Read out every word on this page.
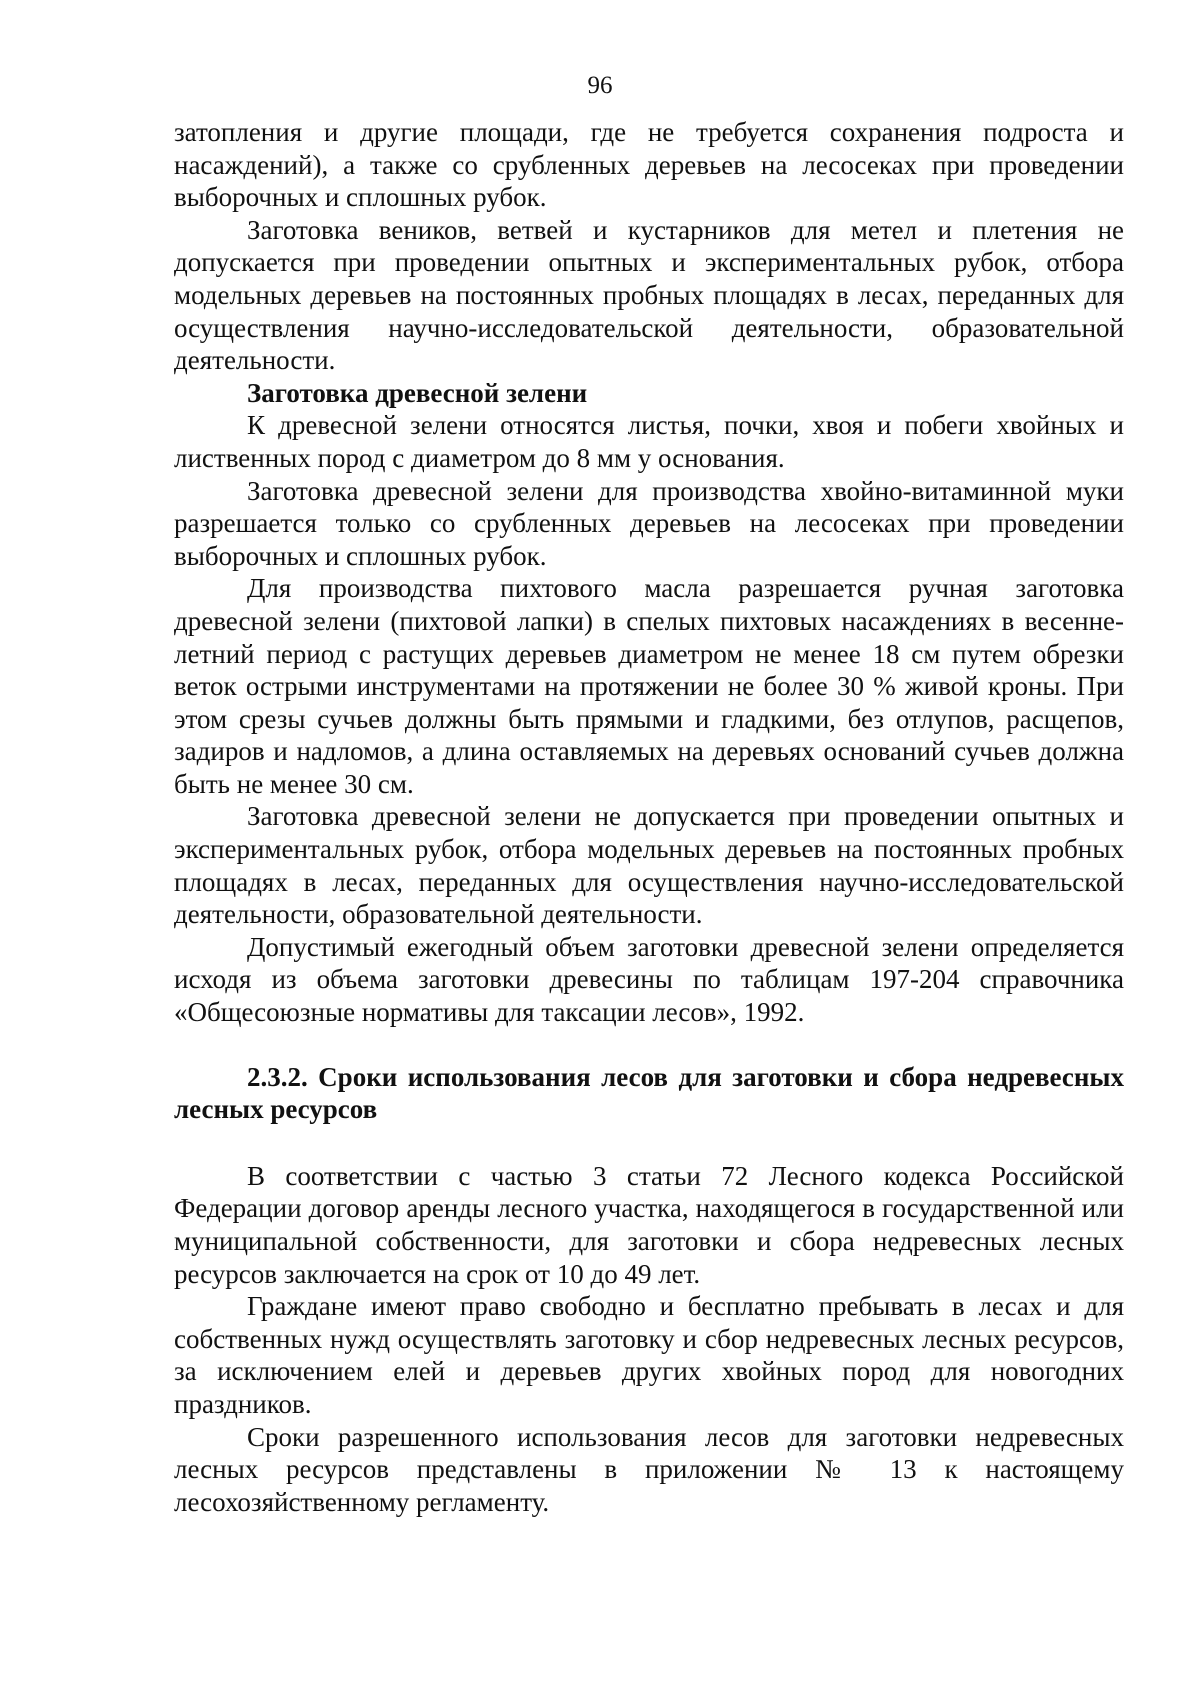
96

затопления и другие площади, где не требуется сохранения подроста и насаждений), а также со срубленных деревьев на лесосеках при проведении выборочных и сплошных рубок.

Заготовка веников, ветвей и кустарников для метел и плетения не допускается при проведении опытных и экспериментальных рубок, отбора модельных деревьев на постоянных пробных площадях в лесах, переданных для осуществления научно-исследовательской деятельности, образовательной деятельности.

Заготовка древесной зелени

К древесной зелени относятся листья, почки, хвоя и побеги хвойных и лиственных пород с диаметром до 8 мм у основания.

Заготовка древесной зелени для производства хвойно-витаминной муки разрешается только со срубленных деревьев на лесосеках при проведении выборочных и сплошных рубок.

Для производства пихтового масла разрешается ручная заготовка древесной зелени (пихтовой лапки) в спелых пихтовых насаждениях в весенне-летний период с растущих деревьев диаметром не менее 18 см путем обрезки веток острыми инструментами на протяжении не более 30 % живой кроны. При этом срезы сучьев должны быть прямыми и гладкими, без отлупов, расщепов, задиров и надломов, а длина оставляемых на деревьях оснований сучьев должна быть не менее 30 см.

Заготовка древесной зелени не допускается при проведении опытных и экспериментальных рубок, отбора модельных деревьев на постоянных пробных площадях в лесах, переданных для осуществления научно-исследовательской деятельности, образовательной деятельности.

Допустимый ежегодный объем заготовки древесной зелени определяется исходя из объема заготовки древесины по таблицам 197-204 справочника «Общесоюзные нормативы для таксации лесов», 1992.

2.3.2. Сроки использования лесов для заготовки и сбора недревесных лесных ресурсов

В соответствии с частью 3 статьи 72 Лесного кодекса Российской Федерации договор аренды лесного участка, находящегося в государственной или муниципальной собственности, для заготовки и сбора недревесных лесных ресурсов заключается на срок от 10 до 49 лет.

Граждане имеют право свободно и бесплатно пребывать в лесах и для собственных нужд осуществлять заготовку и сбор недревесных лесных ресурсов, за исключением елей и деревьев других хвойных пород для новогодних праздников.

Сроки разрешенного использования лесов для заготовки недревесных лесных ресурсов представлены в приложении № 13 к настоящему лесохозяйственному регламенту.
